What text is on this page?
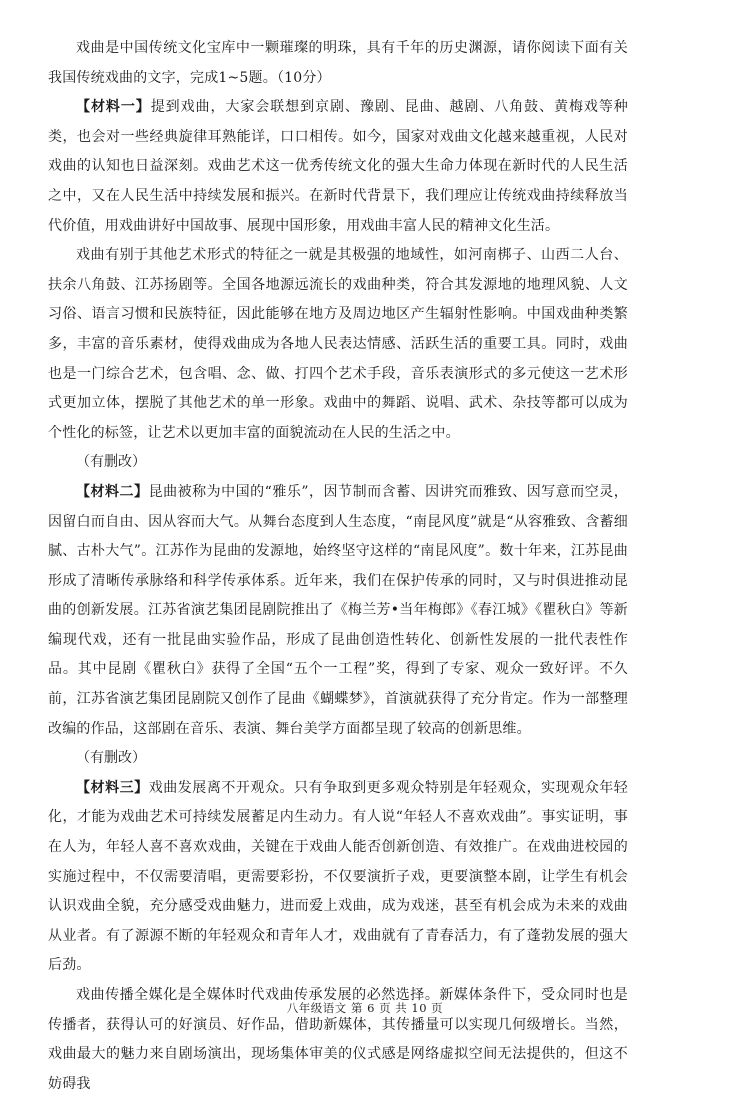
戏曲是中国传统文化宝库中一颗璀璨的明珠，具有千年的历史渊源，请你阅读下面有关我国传统戏曲的文字，完成1~5题。（10分）

【材料一】提到戏曲，大家会联想到京剧、豫剧、昆曲、越剧、八角鼓、黄梅戏等种类，也会对一些经典旋律耳熟能详，口口相传。如今，国家对戏曲文化越来越重视，人民对戏曲的认知也日益深刻。戏曲艺术这一优秀传统文化的强大生命力体现在新时代的人民生活之中，又在人民生活中持续发展和振兴。在新时代背景下，我们理应让传统戏曲持续释放当代价值，用戏曲讲好中国故事、展现中国形象，用戏曲丰富人民的精神文化生活。

戏曲有别于其他艺术形式的特征之一就是其极强的地域性，如河南梆子、山西二人台、扶余八角鼓、江苏扬剧等。全国各地源远流长的戏曲种类，符合其发源地的地理风貌、人文习俗、语言习惯和民族特征，因此能够在地方及周边地区产生辐射性影响。中国戏曲种类繁多，丰富的音乐素材，使得戏曲成为各地人民表达情感、活跃生活的重要工具。同时，戏曲也是一门综合艺术，包含唱、念、做、打四个艺术手段，音乐表演形式的多元使这一艺术形式更加立体，摆脱了其他艺术的单一形象。戏曲中的舞蹈、说唱、武术、杂技等都可以成为个性化的标签，让艺术以更加丰富的面貌流动在人民的生活之中。

（有删改）

【材料二】昆曲被称为中国的“雅乐”，因节制而含蓄、因讲究而雅致、因写意而空灵，因留白而自由、因从容而大气。从舞台态度到人生态度，“南昆风度”就是“从容雅致、含蓄细腻、古朴大气”。江苏作为昆曲的发源地，始终坚守这样的“南昆风度”。数十年来，江苏昆曲形成了清晰传承脉络和科学传承体系。近年来，我们在保护传承的同时，又与时俱进推动昆曲的创新发展。江苏省演艺集团昆剧院推出了《梅兰芳•当年梅郎》《春江城》《瞿秋白》等新编现代戏，还有一批昆曲实验作品，形成了昆曲创造性转化、创新性发展的一批代表性作品。其中昆剧《瞿秋白》获得了全国“五个一工程”奖，得到了专家、观众一致好评。不久前，江苏省演艺集团昆剧院又创作了昆曲《蝴蝶梦》，首演就获得了充分肯定。作为一部整理改编的作品，这部剧在音乐、表演、舞台美学方面都呈现了较高的创新思维。

（有删改）

【材料三】戏曲发展离不开观众。只有争取到更多观众特别是年轻观众，实现观众年轻化，才能为戏曲艺术可持续发展蓄足内生动力。有人说“年轻人不喜欢戏曲”。事实证明，事在人为，年轻人喜不喜欢戏曲，关键在于戏曲人能否创新创造、有效推广。在戏曲进校园的实施过程中，不仅需要清唱，更需要彩扮，不仅要演折子戏，更要演整本剧，让学生有机会认识戏曲全貌，充分感受戏曲魅力，进而爱上戏曲，成为戏迷，甚至有机会成为未来的戏曲从业者。有了源源不断的年轻观众和青年人才，戏曲就有了青春活力，有了蓬勃发展的强大后劲。

戏曲传播全媒化是全媒体时代戏曲传承发展的必然选择。新媒体条件下，受众同时也是传播者，获得认可的好演员、好作品，借助新媒体，其传播量可以实现几何级增长。当然，戏曲最大的魅力来自剧场演出，现场集体审美的仪式感是网络虚拟空间无法提供的，但这不妨碍我

八年级语文 第 6 页 共 10 页
